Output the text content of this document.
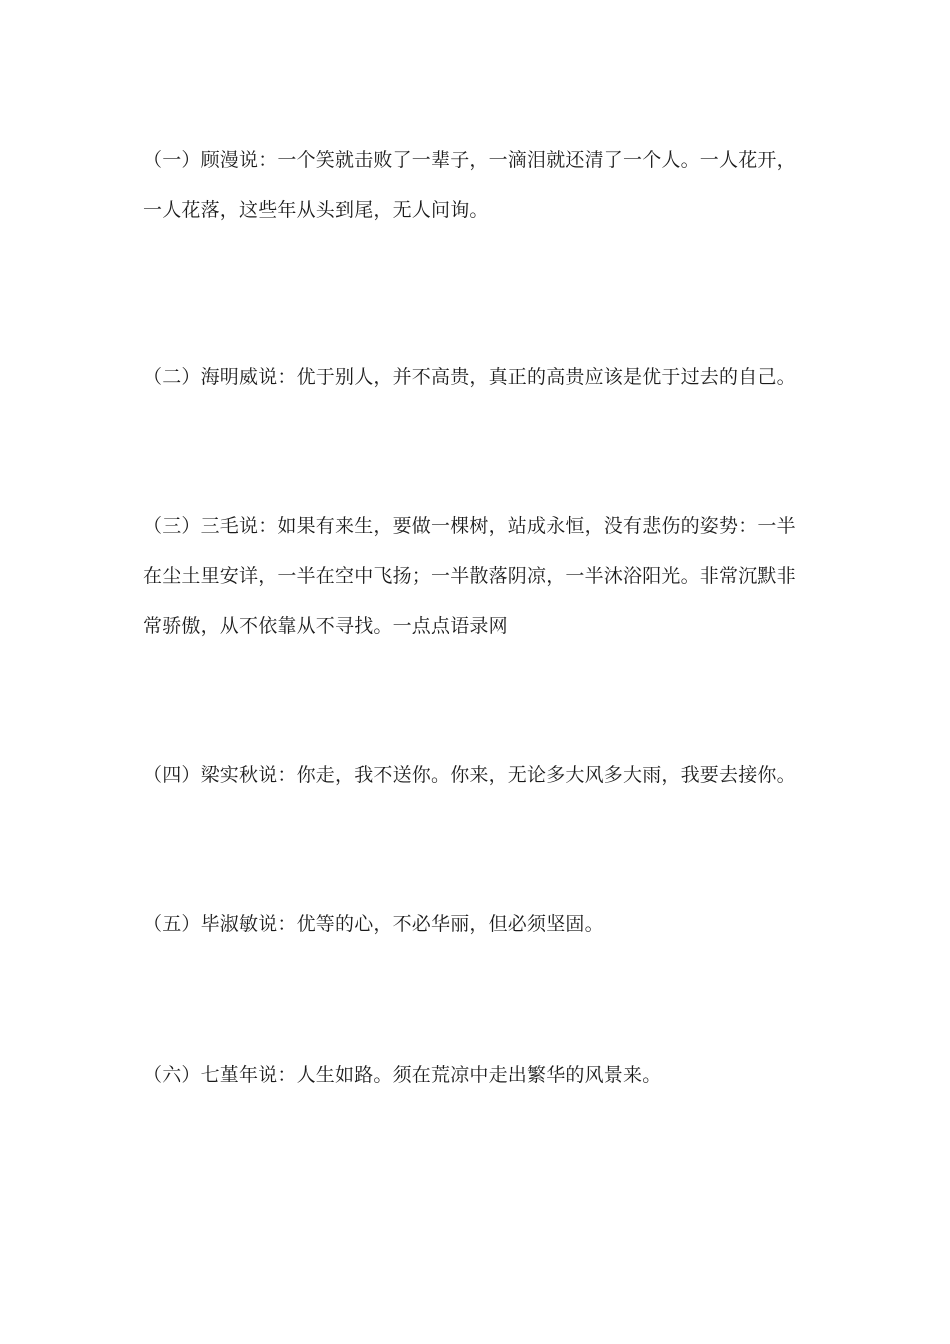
（一）顾漫说：一个笑就击败了一辈子，一滴泪就还清了一个人。一人花开，
一人花落，这些年从头到尾，无人问询。

（二）海明威说：优于别人，并不高贵，真正的高贵应该是优于过去的自己。

（三）三毛说：如果有来生，要做一棵树，站成永恒，没有悲伤的姿势：一半
在尘土里安详，一半在空中飞扬；一半散落阴凉，一半沐浴阳光。非常沉默非
常骄傲，从不依靠从不寻找。一点点语录网

（四）梁实秋说：你走，我不送你。你来，无论多大风多大雨，我要去接你。

（五）毕淑敏说：优等的心，不必华丽，但必须坚固。

（六）七堇年说：人生如路。须在荒凉中走出繁华的风景来。
